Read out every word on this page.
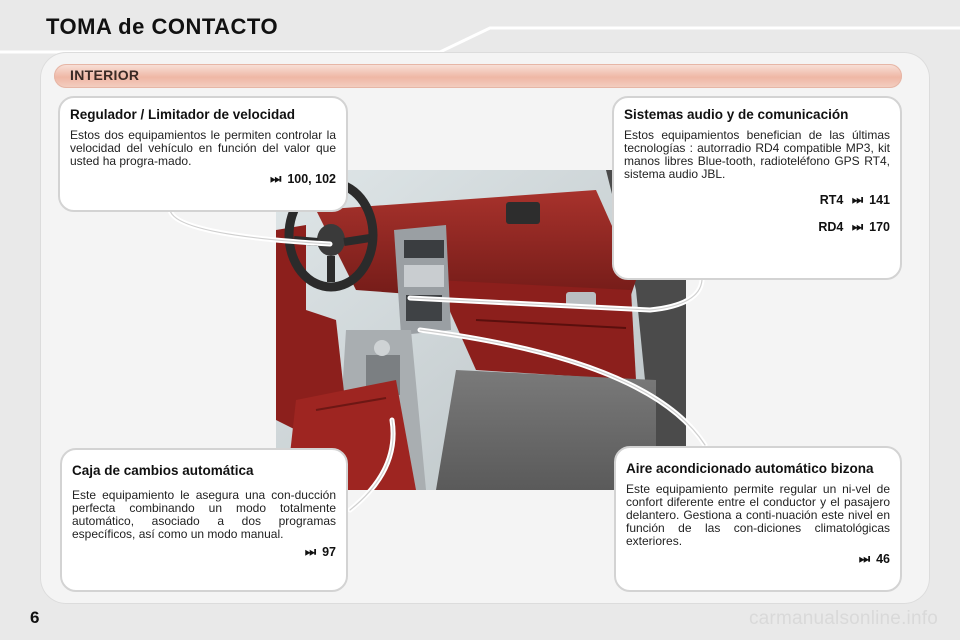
TOMA de CONTACTO
INTERIOR
Regulador / Limitador de velocidad

Estos dos equipamientos le permiten controlar la velocidad del vehículo en función del valor que usted ha progra-mado.

⏭ 100, 102
Sistemas audio y de comunicación

Estos equipamientos benefician de las últimas tecnologías : autorradio RD4 compatible MP3, kit manos libres Blue-tooth, radioteléfono GPS RT4, sistema audio JBL.

RT4 ⏭ 141
RD4 ⏭ 170
Caja de cambios automática

Este equipamiento le asegura una con-ducción perfecta combinando un modo totalmente automático, asociado a dos programas específicos, así como un modo manual.

⏭ 97
Aire acondicionado automático bizona

Este equipamiento permite regular un ni-vel de confort diferente entre el conductor y el pasajero delantero. Gestiona a conti-nuación este nivel en función de las con-diciones climatológicas exteriores.

⏭ 46
6	carmanualsonline.info
